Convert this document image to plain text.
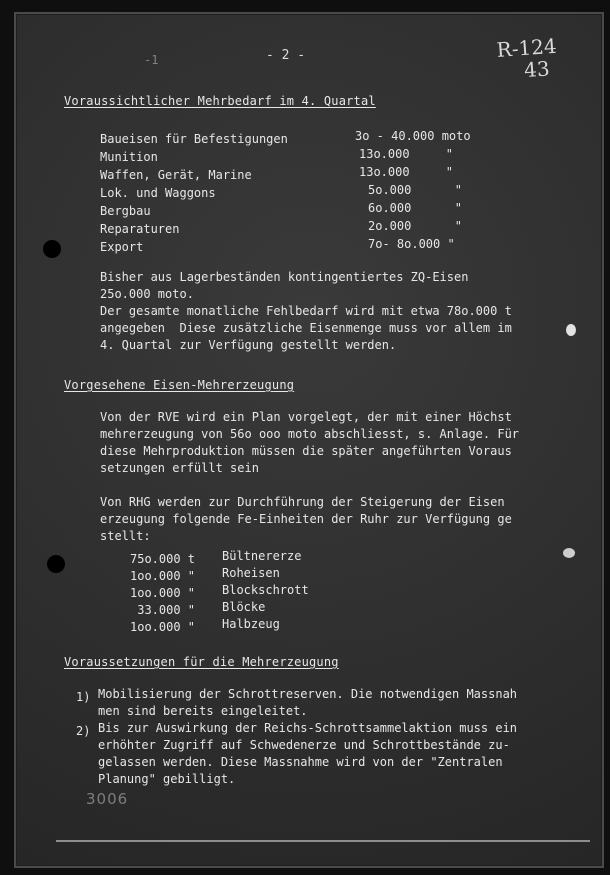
-1	- 2 -	R-124
43
Voraussichtlicher Mehrbedarf im 4. Quartal
Baueisen für Befestigungen	3o - 40.000 moto
Munition	13o.000     "
Waffen, Gerät, Marine	13o.000     "
Lok. und Waggons	5o.000      "
Bergbau	6o.000      "
Reparaturen	2o.000      "
Export	7o- 8o.000 "
Bisher aus Lagerbeständen kontingentiertes ZQ-Eisen
25o.000 moto.
Der gesamte monatliche Fehlbedarf wird mit etwa 78o.000 t
angegeben  Diese zusätzliche Eisenmenge muss vor allem im
4. Quartal zur Verfügung gestellt werden.
Vorgesehene Eisen-Mehrerzeugung
Von der RVE wird ein Plan vorgelegt, der mit einer Höchst
mehrerzeugung von 56o ooo moto abschliesst, s. Anlage. Für
diese Mehrproduktion müssen die später angeführten Voraus
setzungen erfüllt sein
Von RHG werden zur Durchführung der Steigerung der Eisen
erzeugung folgende Fe-Einheiten der Ruhr zur Verfügung ge
stellt:
75o.000 t Bültnererze
1oo.000 " Roheisen
1oo.000 " Blockschrott
33.000 " Blöcke
1oo.000 " Halbzeug
Voraussetzungen für die Mehrerzeugung
1) Mobilisierung der Schrottreserven. Die notwendigen Massnah
men sind bereits eingeleitet.
2) Bis zur Auswirkung der Reichs-Schrottsammelaktion muss ein
erhöhter Zugriff auf Schwedenerze und Schrottbestände zu-
gelassen werden. Diese Massnahme wird von der "Zentralen
Planung" gebilligt.
3006
